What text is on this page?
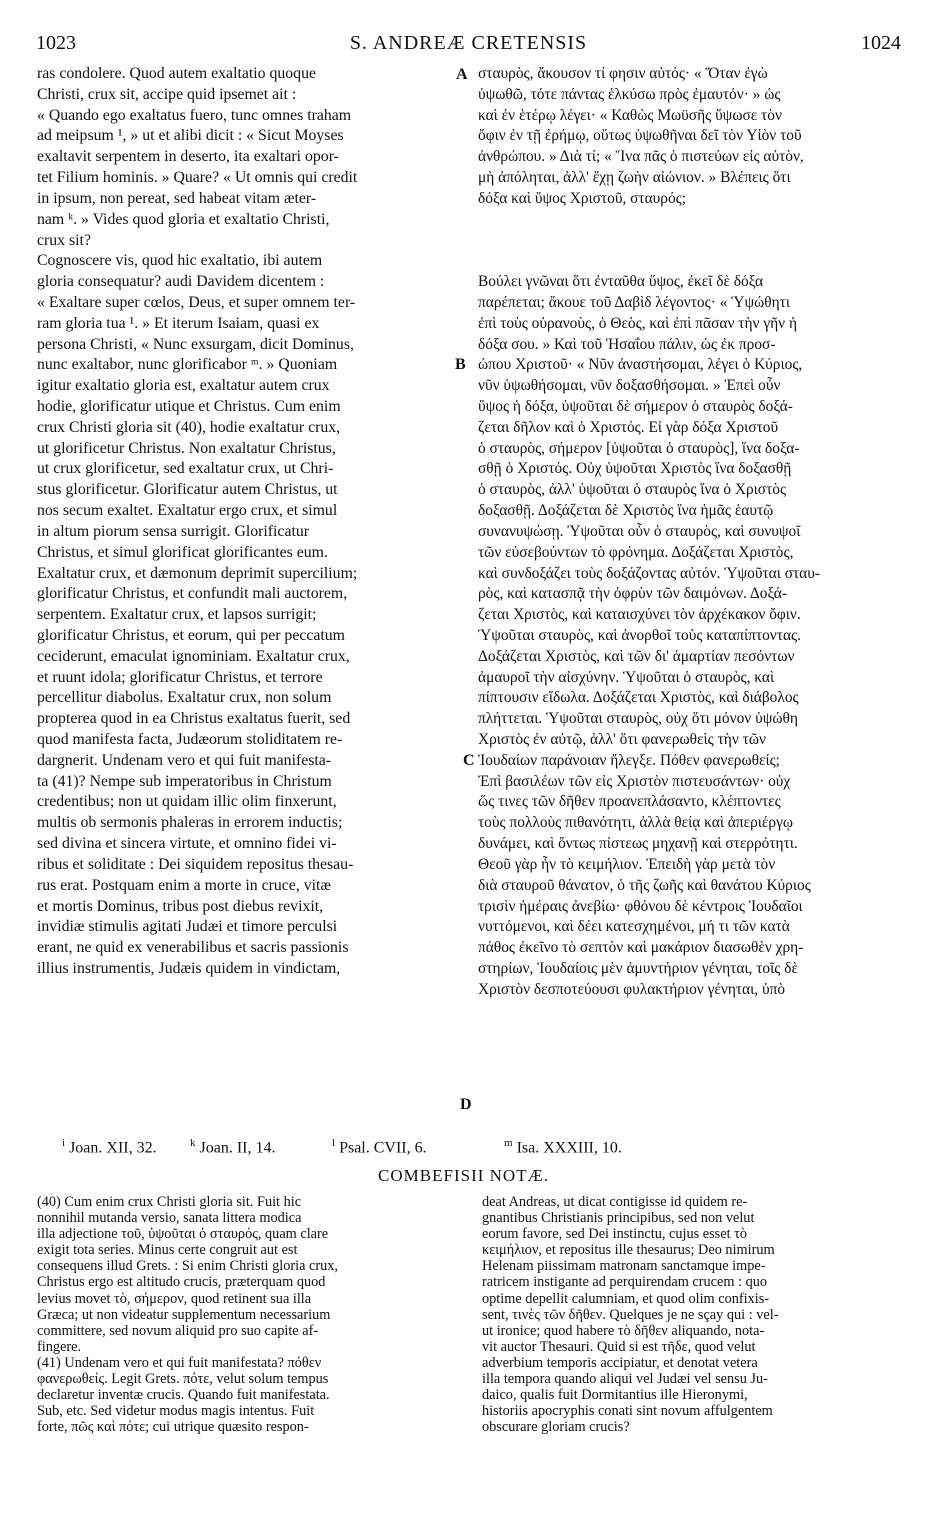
1023	S. ANDREÆ CRETENSIS	1024
ras condolere. Quod autem exaltatio quoque
Christi, crux sit, accipe quid ipsemet ait :
« Quando ego exaltatus fuero, tunc omnes traham
ad meipsum ¹, » ut et alibi dicit : « Sicut Moyses
exaltavit serpentem in deserto, ita exaltari opor-
tet Filium hominis. » Quare? « Ut omnis qui credit
in ipsum, non pereat, sed habeat vitam æter-
nam ᵏ. » Vides quod gloria et exaltatio Christi,
crux sit?
Cognoscere vis, quod hic exaltatio, ibi autem
gloria consequatur? audi Davidem dicentem :
« Exaltare super cœlos, Deus, et super omnem ter-
ram gloria tua ¹. » Et iterum Isaiam, quasi ex
persona Christi, « Nunc exsurgam, dicit Dominus,
nunc exaltabor, nunc glorificabor ᵐ. » Quoniam
igitur exaltatio gloria est, exaltatur autem crux
hodie, glorificatur utique et Christus. Cum enim
crux Christi gloria sit (40), hodie exaltatur crux,
ut glorificetur Christus. Non exaltatur Christus,
ut crux glorificetur, sed exaltatur crux, ut Chri-
stus glorificetur. Glorificatur autem Christus, ut
nos secum exaltet. Exaltatur ergo crux, et simul
in altum piorum sensa surrigit. Glorificatur
Christus, et simul glorificat glorificantes eum.
Exaltatur crux, et dæmonum deprimit supercilium;
glorificatur Christus, et confundit mali auctorem,
serpentem. Exaltatur crux, et lapsos surrigit;
glorificatur Christus, et eorum, qui per peccatum
ceciderunt, emaculat ignominiam. Exaltatur crux,
et ruunt idola; glorificatur Christus, et terrore
percellitur diabolus. Exaltatur crux, non solum
propterea quod in ea Christus exaltatus fuerit, sed
quod manifesta facta, Judæorum stoliditatem re-
dargnerit. Undenam vero et qui fuit manifesta-
ta (41)? Nempe sub imperatoribus in Christum
credentibus; non ut quidam illic olim finxerunt,
multis ob sermonis phaleras in errorem inductis;
sed divina et sincera virtute, et omnino fidei vi-
ribus et soliditate : Dei siquidem repositus thesau-
rus erat. Postquam enim a morte in cruce, vitæ
et mortis Dominus, tribus post diebus revixit,
invidiæ stimulis agitati Judæi et timore perculsi
erant, ne quid ex venerabilibus et sacris passionis
illius instrumentis, Judæis quidem in vindictam,
σταυρὸς, ἄκουσον τί φησιν αὐτός· « Ὅταν ἐγὼ
ὑψωθῶ, τότε πάντας ἑλκύσω πρὸς ἐμαυτόν· » ὡς
καὶ ἐν ἑτέρῳ λέγει· « Καθὼς Μωϋσῆς ὕψωσε τὸν
ὄφιν ἐν τῇ ἐρήμῳ, οὕτως ὑψωθῆναι δεῖ τὸν Υἱὸν τοῦ
ἀνθρώπου. » Διὰ τί; « Ἵνα πᾶς ὁ πιστεύων εἰς αὐτὸν,
μὴ ἀπόληται, ἀλλ' ἔχῃ ζωὴν αἰώνιον. » Βλέπεις ὅτι
δόξα καὶ ὕψος Χριστοῦ, σταυρός;
Βούλει γνῶναι ὅτι ἐνταῦθα ὕψος, ἐκεῖ δὲ δόξα
παρέπεται; ἄκουε τοῦ Δαβὶδ λέγοντος· « Ὑψώθητι
ἐπὶ τοὺς οὐρανοὺς, ὁ Θεὸς, καὶ ἐπὶ πᾶσαν τὴν γῆν ἡ
δόξα σου. » Καὶ τοῦ Ἡσαΐου πάλιν, ὡς ἐκ προσ-
ώπου Χριστοῦ· « Νῦν ἀναστήσομαι, λέγει ὁ Κύριος,
νῦν ὑψωθήσομαι, νῦν δοξασθήσομαι. » Ἐπεὶ οὖν
ὕψος ἡ δόξα, ὑψοῦται δὲ σήμερον ὁ σταυρὸς δοξά-
ζεται δῆλον καὶ ὁ Χριστός. Εἰ γὰρ δόξα Χριστοῦ
ὁ σταυρὸς, σήμερον [ὑψοῦται ὁ σταυρὸς], ἵνα δοξα-
σθῇ ὁ Χριστός. Οὐχ ὑψοῦται Χριστὸς ἵνα δοξασθῇ
ὁ σταυρὸς, ἀλλ' ὑψοῦται ὁ σταυρὸς ἵνα ὁ Χριστὸς
δοξασθῇ. Δοξάζεται δὲ Χριστὸς ἵνα ἡμᾶς ἑαυτῷ
συνανυψώσῃ. Ὑψοῦται οὖν ὁ σταυρὸς, καὶ συνυψοῖ
τῶν εὐσεβούντων τὸ φρόνημα. Δοξάζεται Χριστὸς,
καὶ συνδοξάζει τοὺς δοξάζοντας αὐτόν. Ὑψοῦται σταυ-
ρὸς, καὶ κατασπᾷ τὴν ὀφρὺν τῶν δαιμόνων. Δοξά-
ζεται Χριστὸς, καὶ καταισχύνει τὸν ἀρχέκακον ὄφιν.
Ὑψοῦται σταυρὸς, καὶ ἀνορθοῖ τοὺς καταπίπτοντας.
Δοξάζεται Χριστὸς, καὶ τῶν δι' ἁμαρτίαν πεσόντων
ἀμαυροῖ τὴν αἰσχύνην. Ὑψοῦται ὁ σταυρὸς, καὶ
πίπτουσιν εἴδωλα. Δοξάζεται Χριστὸς, καὶ διάβολος
πλήττεται. Ὑψοῦται σταυρὸς, οὐχ ὅτι μόνον ὑψώθη
Χριστὸς ἐν αὐτῷ, ἀλλ' ὅτι φανερωθεὶς τὴν τῶν
Ἰουδαίων παράνοιαν ἤλεγξε. Πόθεν φανερωθείς;
Ἐπὶ βασιλέων τῶν εἰς Χριστὸν πιστευσάντων· οὐχ
ὥς τινες τῶν δῆθεν προανεπλάσαντο, κλέπτοντες
τοὺς πολλοὺς πιθανότητι, ἀλλὰ θείᾳ καὶ ἀπεριέργῳ
δυνάμει, καὶ ὄντως πίστεως μηχανῇ καὶ στερρότητι.
Θεοῦ γὰρ ἦν τὸ κειμήλιον. Ἐπειδὴ γὰρ μετὰ τὸν
διὰ σταυροῦ θάνατον, ὁ τῆς ζωῆς καὶ θανάτου Κύριος
τρισὶν ἡμέραις ἀνεβίω· φθόνου δὲ κέντροις Ἰουδαῖοι
νυττόμενοι, καὶ δέει κατεσχημένοι, μή τι τῶν κατὰ
πάθος ἐκεῖνο τὸ σεπτὸν καὶ μακάριον διασωθὲν χρη-
στηρίων, Ἰουδαίοις μὲν ἀμυντήριον γένηται, τοῖς δὲ
Χριστὸν δεσποτεύουσι φυλακτήριον γένηται, ὑπὸ
A
B
C
D
$^i$ Joan. XII, 32.	$^k$ Joan. II, 14.	$^l$ Psal. CVII, 6.	$^m$ Isa. XXXIII, 10.
COMBEFISII NOTÆ.
(40) Cum enim crux Christi gloria sit. Fuit hic
nonnihil mutanda versio, sanata littera modica
illa adjectione τοῦ, ὑψοῦται ὁ σταυρός, quam clare
exigit tota series. Minus certe congruit aut est
consequens illud Grets. : Si enim Christi gloria crux,
Christus ergo est altitudo crucis, præterquam quod
levius movet τὸ, σήμερον, quod retinent sua illa
Græca; ut non videatur supplementum necessarium
committere, sed novum aliquid pro suo capite af-
fingere.
(41) Undenam vero et qui fuit manifestata? πόθεν
φανερωθείς. Legit Grets. πότε, velut solum tempus
declaretur inventæ crucis. Quando fuit manifestata.
Sub, etc. Sed videtur modus magis intentus. Fuit
forte, πῶς καὶ πότε; cui utrique quæsito respon-
deat Andreas, ut dicat contigisse id quidem re-
gnantibus Christianis principibus, sed non velut
eorum favore, sed Dei instinctu, cujus esset τὸ
κειμήλιον, et repositus ille thesaurus; Deo nimirum
Helenam piissimam matronam sanctamque impe-
ratricem instigante ad perquirendam crucem : quo
optime depellit calumniam, et quod olim confixis-
sent, τινὲς τῶν δῆθεν. Quelques je ne sçay qui : vel-
ut ironice; quod habere τὸ δῆθεν aliquando, nota-
vit auctor Thesauri. Quid si est τῆδε, quod velut
adverbium temporis accipiatur, et denotat vetera
illa tempora quando aliqui vel Judæi vel sensu Ju-
daico, qualis fuit Dormitantius ille Hieronymi,
historiis apocryphis conati sint novum affulgentem
obscurare gloriam crucis?
